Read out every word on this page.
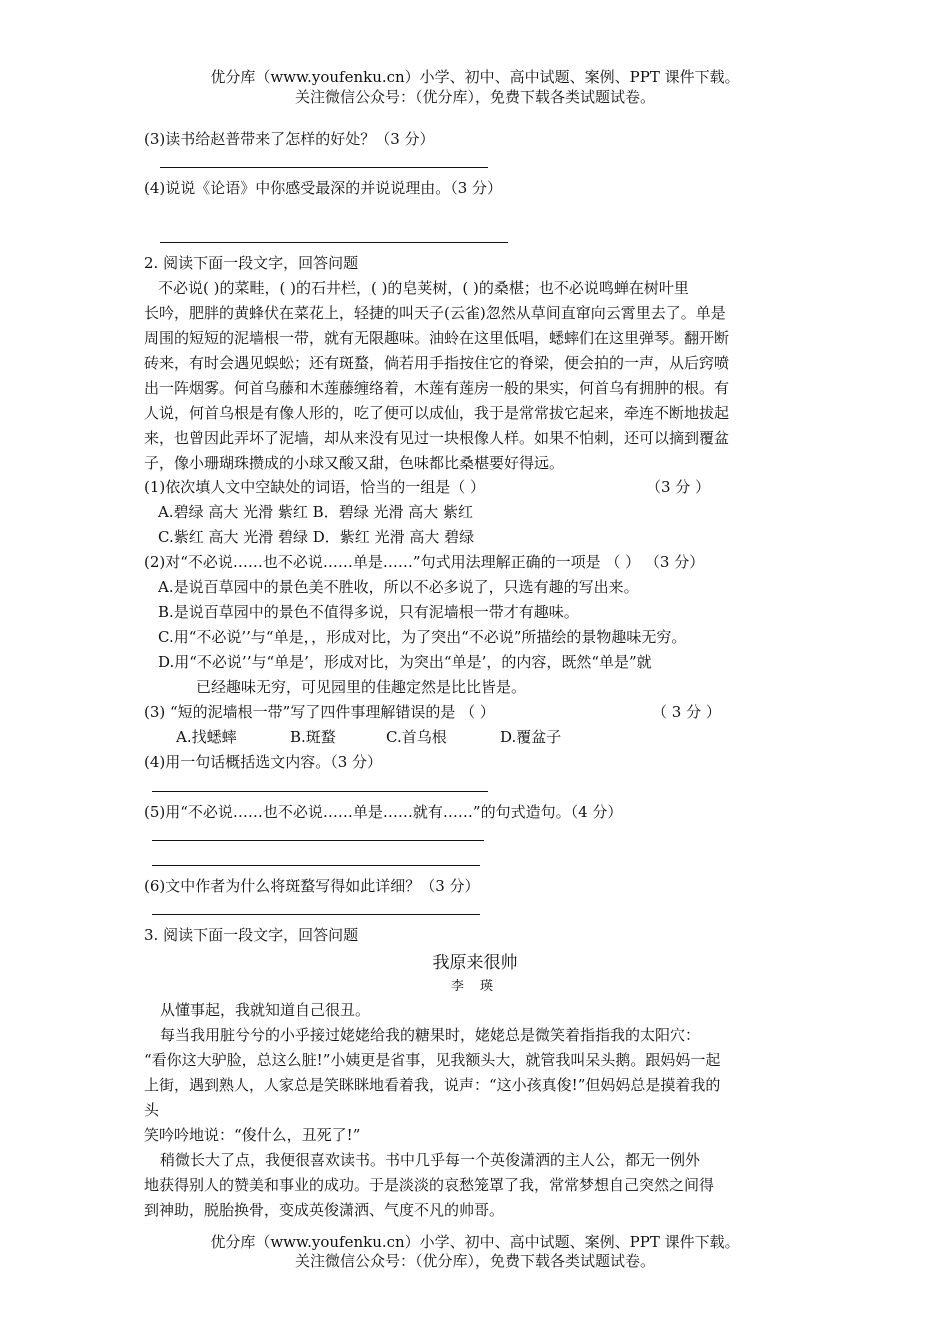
优分库（www.youfenku.cn）小学、初中、高中试题、案例、PPT 课件下载。
关注微信公众号：（优分库），免费下载各类试题试卷。
(3)读书给赵普带来了怎样的好处？（3 分）
(4)说说《论语》中你感受最深的并说说理由。（3 分）
2. 阅读下面一段文字，回答问题
不必说( )的菜畦，( )的石井栏，( )的皂荚树，( )的桑椹；也不必说鸣蝉在树叶里
长吟，肥胖的黄蜂伏在菜花上，轻捷的叫天子(云雀)忽然从草间直窜向云霄里去了。单是
周围的短短的泥墙根一带，就有无限趣味。油蛉在这里低唱，蟋蟀们在这里弹琴。翻开断
砖来，有时会遇见蜈蚣；还有斑蝥，倘若用手指按住它的脊梁，便会拍的一声，从后窍喷
出一阵烟雾。何首乌藤和木莲藤缠络着，木莲有莲房一般的果实，何首乌有拥肿的根。有
人说，何首乌根是有像人形的，吃了便可以成仙，我于是常常拔它起来，牵连不断地拔起
来，也曾因此弄坏了泥墙，却从来没有见过一块根像人样。如果不怕刺，还可以摘到覆盆
子，像小珊瑚珠攒成的小球又酸又甜，色味都比桑椹要好得远。
(1)依次填人文中空缺处的词语，恰当的一组是（ ）	（3 分 ）
A.碧绿 高大 光滑 紫红 B．碧绿 光滑 高大 紫红
C.紫红 高大 光滑 碧绿 D．紫红 光滑 高大 碧绿
(2)对“不必说……也不必说……单是……”句式用法理解正确的一项是 （ ） （3 分）
A.是说百草园中的景色美不胜收，所以不必多说了，只选有趣的写出来。
B.是说百草园中的景色不值得多说，只有泥墙根一带才有趣味。
C.用“不必说’’与“单是，，形成对比，为了突出“不必说”所描绘的景物趣味无穷。
D.用“不必说’’与“单是’，形成对比，为突出“单是’，的内容，既然“单是”就
已经趣味无穷，可见园里的佳趣定然是比比皆是。
(3) “短的泥墙根一带”写了四件事理解错误的是 （ ）	（ 3 分 ）
A.找蟋蟀	B.斑蝥	C.首乌根	D.覆盆子
(4)用一句话概括选文内容。（3 分）
(5)用“不必说……也不必说……单是……就有……”的句式造句。（4 分）
(6)文中作者为什么将斑蝥写得如此详细？（3 分）
3. 阅读下面一段文字，回答问题
我原来很帅
李 瑛
从懂事起，我就知道自己很丑。
每当我用脏兮兮的小乎接过姥姥给我的糖果时，姥姥总是微笑着指指我的太阳穴：
“看你这大驴脸，总这么脏!”小姨更是省事，见我额头大，就管我叫呆头鹅。跟妈妈一起
上街，遇到熟人，人家总是笑眯眯地看着我，说声：“这小孩真俊!”但妈妈总是摸着我的
头
笑吟吟地说：“俊什么，丑死了!”
稍微长大了点，我便很喜欢读书。书中几乎每一个英俊潇洒的主人公，都无一例外
地获得别人的赞美和事业的成功。于是淡淡的哀愁笼罩了我，常常梦想自己突然之间得
到神助，脱胎换骨，变成英俊潇洒、气度不凡的帅哥。
优分库（www.youfenku.cn）小学、初中、高中试题、案例、PPT 课件下载。
关注微信公众号：（优分库），免费下载各类试题试卷。
